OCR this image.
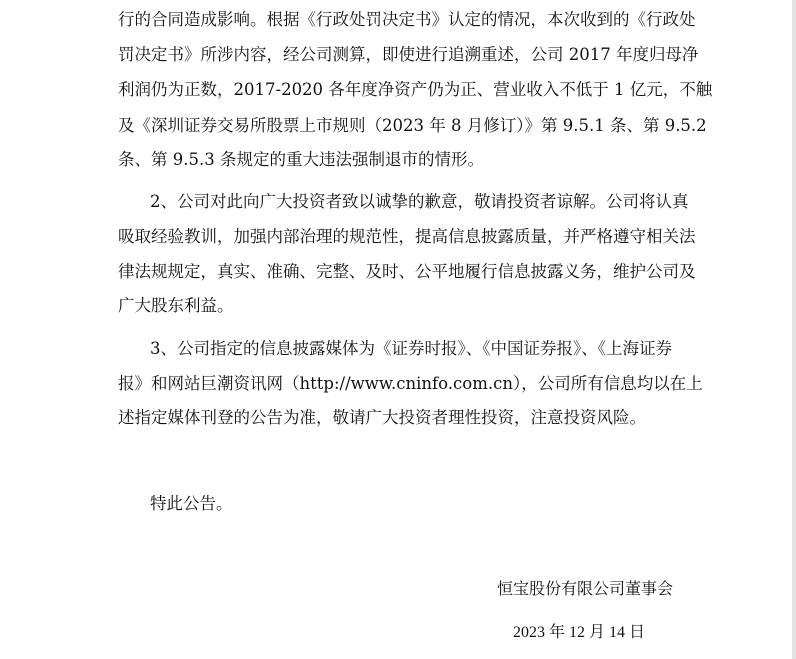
行的合同造成影响。根据《行政处罚决定书》认定的情况，本次收到的《行政处
罚决定书》所涉内容，经公司测算，即使进行追溯重述，公司 2017 年度归母净
利润仍为正数，2017-2020 各年度净资产仍为正、营业收入不低于 1 亿元，不触
及《深圳证券交易所股票上市规则（2023 年 8 月修订）》第 9.5.1 条、第 9.5.2
条、第 9.5.3 条规定的重大违法强制退市的情形。
2、公司对此向广大投资者致以诚挚的歉意，敬请投资者谅解。公司将认真
吸取经验教训，加强内部治理的规范性，提高信息披露质量，并严格遵守相关法
律法规规定，真实、准确、完整、及时、公平地履行信息披露义务，维护公司及
广大股东利益。
3、公司指定的信息披露媒体为《证券时报》、《中国证券报》、《上海证券
报》和网站巨潮资讯网（http://www.cninfo.com.cn），公司所有信息均以在上
述指定媒体刊登的公告为准，敬请广大投资者理性投资，注意投资风险。
特此公告。
恒宝股份有限公司董事会
2023 年 12 月 14 日
